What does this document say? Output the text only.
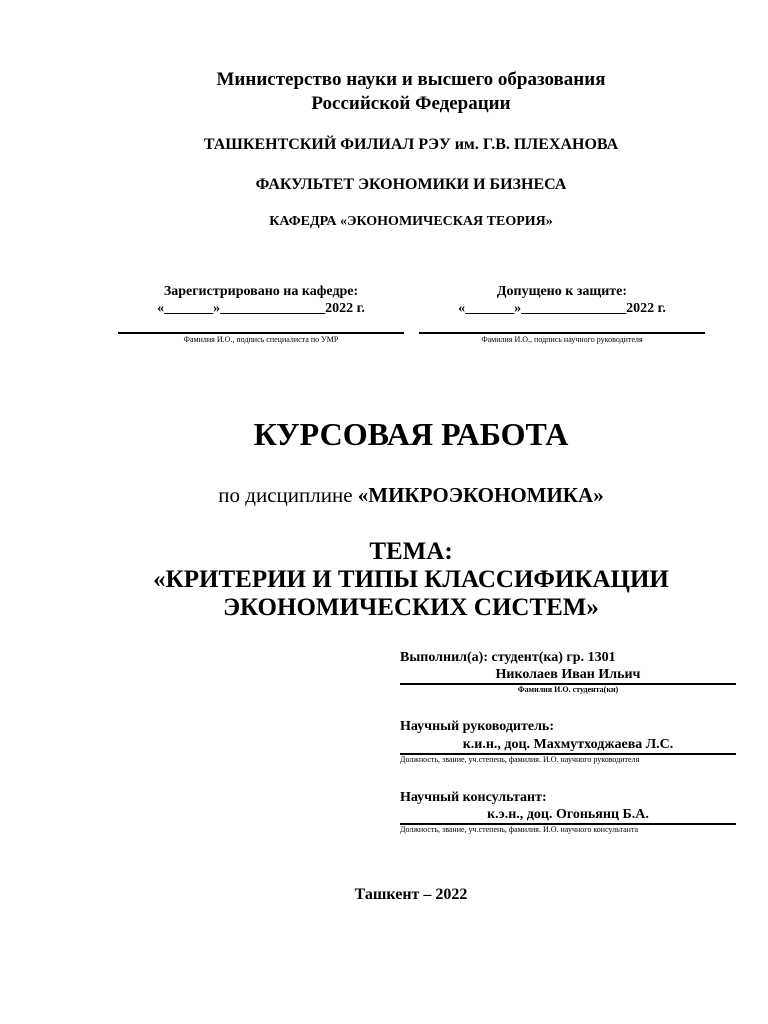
Министерство науки и высшего образования
Российской Федерации
ТАШКЕНТСКИЙ ФИЛИАЛ РЭУ им. Г.В. ПЛЕХАНОВА
ФАКУЛЬТЕТ ЭКОНОМИКИ И БИЗНЕСА
КАФЕДРА «ЭКОНОМИЧЕСКАЯ ТЕОРИЯ»
Зарегистрировано на кафедре:
«_______»_______________2022 г.
Фамилия И.О., подпись специалиста по УМР
Допущено к защите:
«_______»_______________2022 г.
Фамилия И.О., подпись научного руководителя
КУРСОВАЯ РАБОТА
по дисциплине «МИКРОЭКОНОМИКА»
ТЕМА:
«КРИТЕРИИ И ТИПЫ КЛАССИФИКАЦИИ
ЭКОНОМИЧЕСКИХ СИСТЕМ»
Выполнил(а): студент(ка) гр. 1301
Николаев Иван Ильич
Фамилия И.О. студента(ки)
Научный руководитель:
к.и.н., доц. Махмутходжаева Л.С.
Должность, звание, уч.степень, фамилия. И.О. научного руководителя
Научный консультант:
к.э.н., доц. Огоньянц Б.А.
Должность, звание, уч.степень, фамилия. И.О. научного консультанта
Ташкент – 2022
